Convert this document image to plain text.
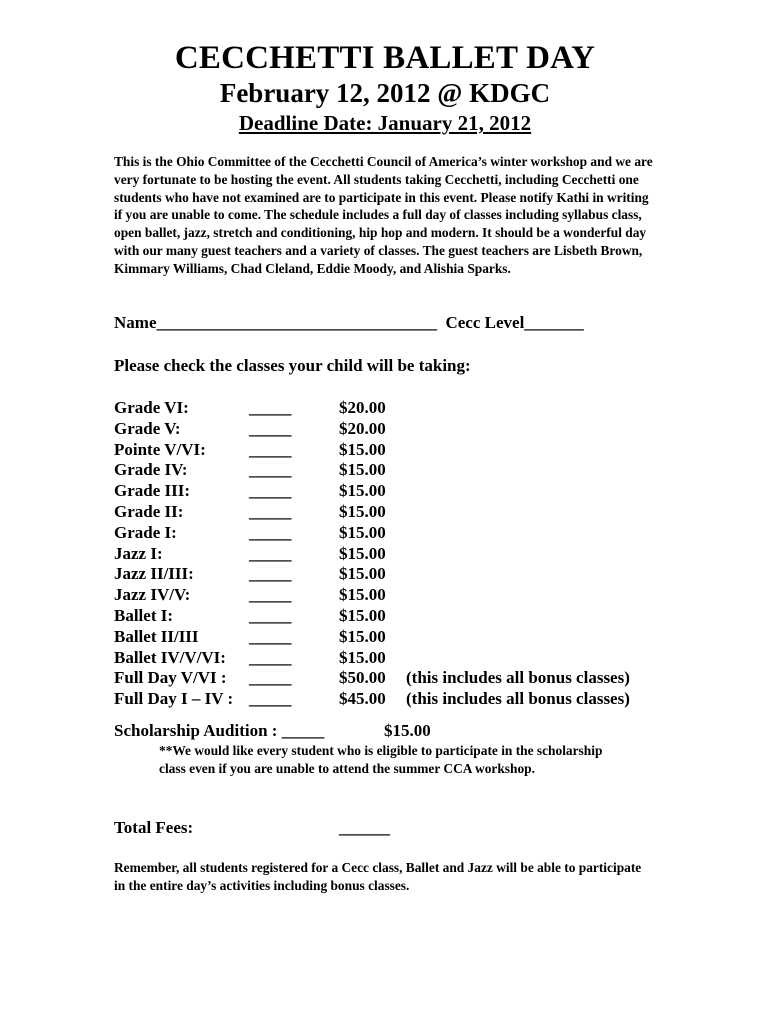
CECCHETTI BALLET DAY
February 12, 2012 @ KDGC
Deadline Date: January 21, 2012

This is the Ohio Committee of the Cecchetti Council of America’s winter workshop and we are very fortunate to be hosting the event. All students taking Cecchetti, including Cecchetti one students who have not examined are to participate in this event. Please notify Kathi in writing if you are unable to come. The schedule includes a full day of classes including syllabus class, open ballet, jazz, stretch and conditioning, hip hop and modern. It should be a wonderful day with our many guest teachers and a variety of classes. The guest teachers are Lisbeth Brown, Kimmary Williams, Chad Cleland, Eddie Moody, and Alishia Sparks.

Name_________________________________  Cecc Level_______
Please check the classes your child will be taking:
Grade VI:	_____	$20.00
Grade V:	_____	$20.00
Pointe V/VI:	_____	$15.00
Grade IV:	_____	$15.00
Grade III:	_____	$15.00
Grade II:	_____	$15.00
Grade I:	_____	$15.00
Jazz I:	_____	$15.00
Jazz II/III:	_____	$15.00
Jazz IV/V:	_____	$15.00
Ballet I:	_____	$15.00
Ballet II/III	_____	$15.00
Ballet IV/V/VI: _____	$15.00
Full Day V/VI : _____	$50.00 (this includes all bonus classes)
Full Day I – IV : _____	$45.00 (this includes all bonus classes)
Scholarship Audition : _____	$15.00

**We would like every student who is eligible to participate in the scholarship class even if you are unable to attend the summer CCA workshop.

Total Fees:	______

Remember, all students registered for a Cecc class, Ballet and Jazz will be able to participate in the entire day’s activities including bonus classes.
